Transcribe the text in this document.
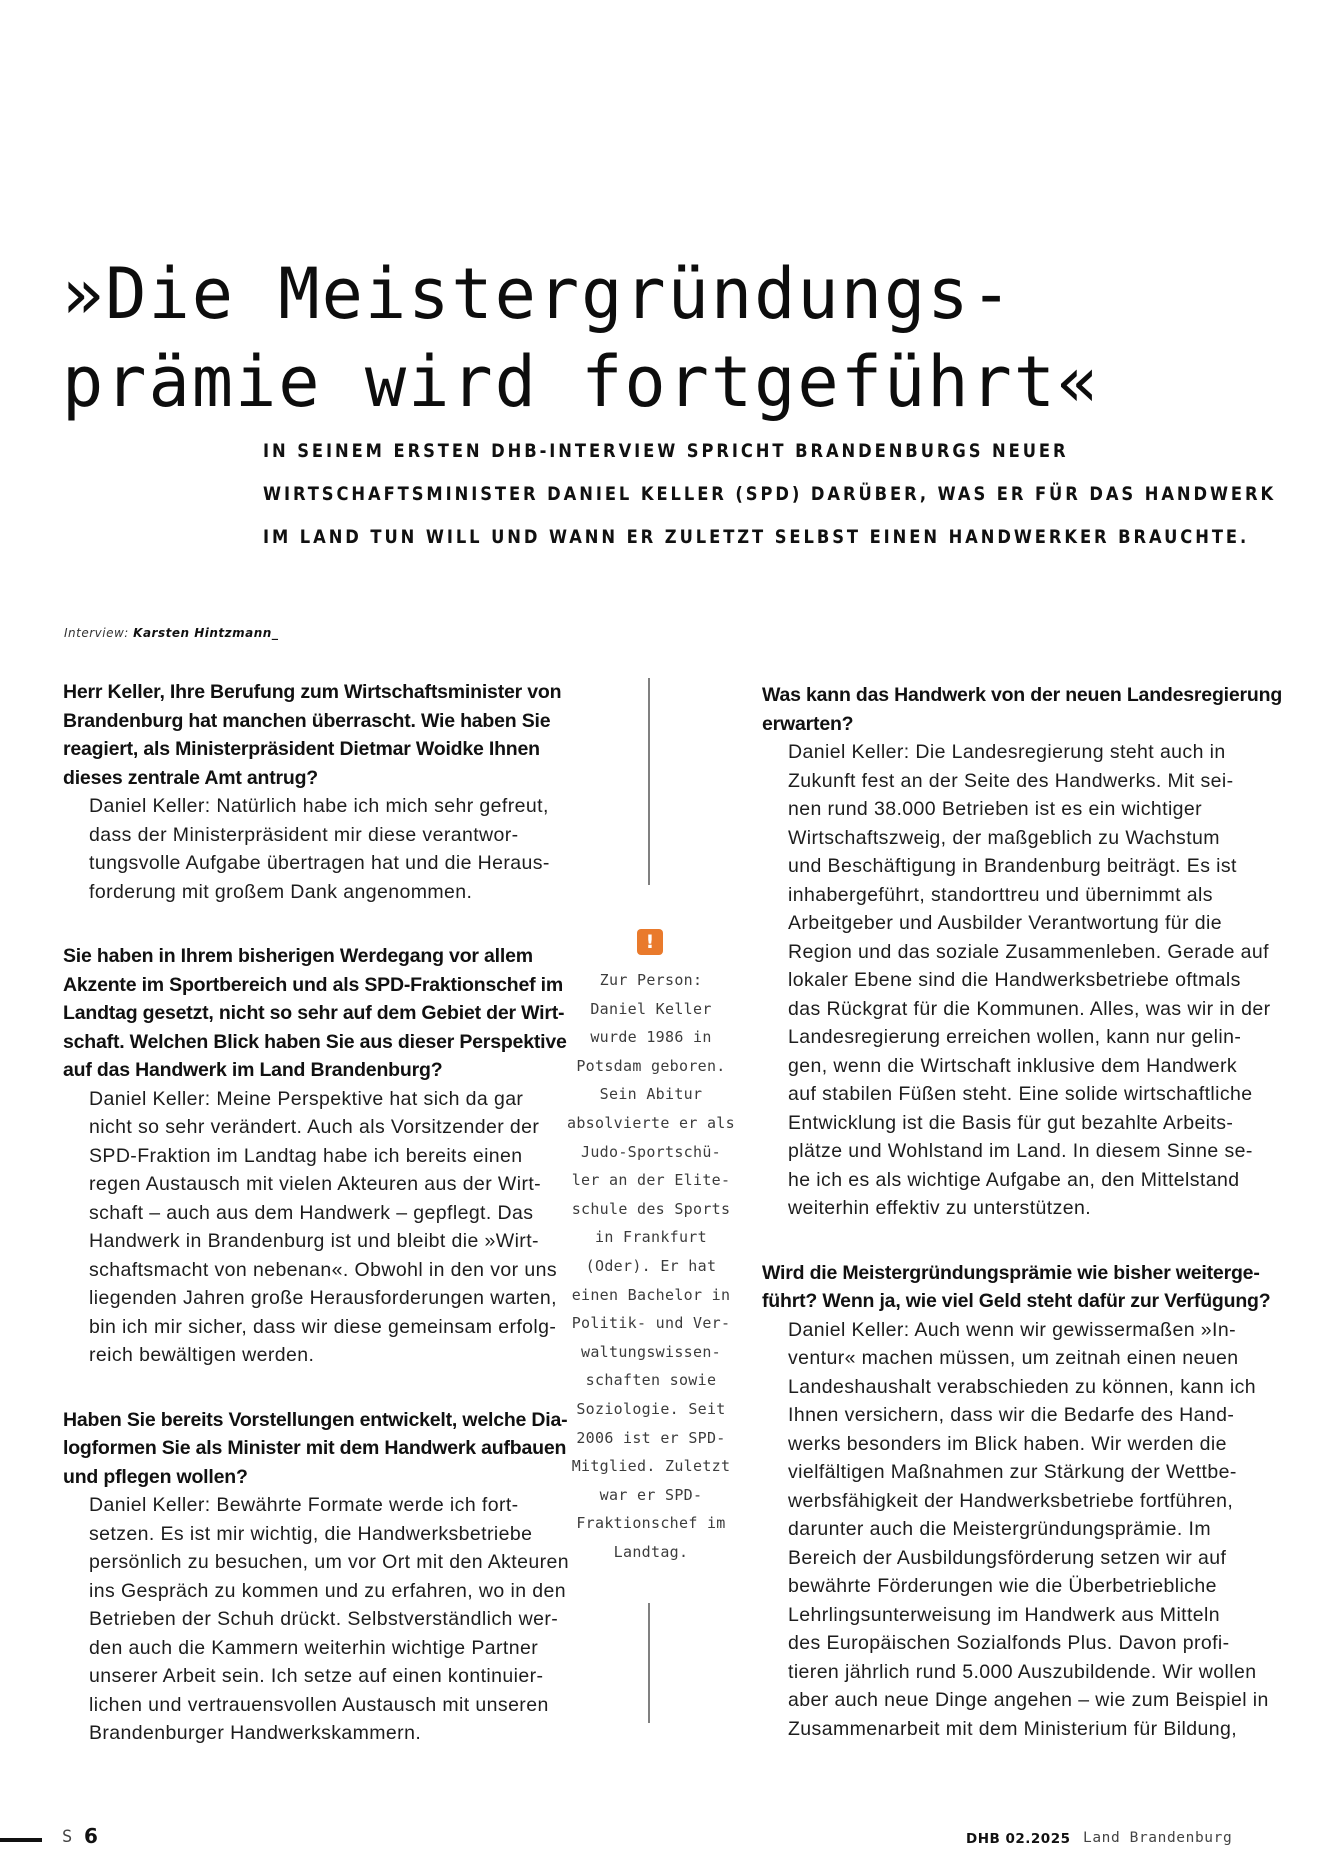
»Die Meistergründungs-
prämie wird fortgeführt«
IN SEINEM ERSTEN DHB-INTERVIEW SPRICHT BRANDENBURGS NEUER
WIRTSCHAFTSMINISTER DANIEL KELLER (SPD) DARÜBER, WAS ER FÜR DAS HANDWERK
IM LAND TUN WILL UND WANN ER ZULETZT SELBST EINEN HANDWERKER BRAUCHTE.
Interview: Karsten Hintzmann_

Herr Keller, Ihre Berufung zum Wirtschaftsminister von
Brandenburg hat manchen überrascht. Wie haben Sie
reagiert, als Ministerpräsident Dietmar Woidke Ihnen
dieses zentrale Amt antrug?

Daniel Keller: Natürlich habe ich mich sehr gefreut,
dass der Ministerpräsident mir diese verantwor-
tungsvolle Aufgabe übertragen hat und die Heraus-
forderung mit großem Dank angenommen.

Sie haben in Ihrem bisherigen Werdegang vor allem
Akzente im Sportbereich und als SPD-Fraktionschef im
Landtag gesetzt, nicht so sehr auf dem Gebiet der Wirt-
schaft. Welchen Blick haben Sie aus dieser Perspektive
auf das Handwerk im Land Brandenburg?

Daniel Keller: Meine Perspektive hat sich da gar
nicht so sehr verändert. Auch als Vorsitzender der
SPD-Fraktion im Landtag habe ich bereits einen
regen Austausch mit vielen Akteuren aus der Wirt-
schaft – auch aus dem Handwerk – gepflegt. Das
Handwerk in Brandenburg ist und bleibt die »Wirt-
schaftsmacht von nebenan«. Obwohl in den vor uns
liegenden Jahren große Herausforderungen warten,
bin ich mir sicher, dass wir diese gemeinsam erfolg-
reich bewältigen werden.

Haben Sie bereits Vorstellungen entwickelt, welche Dia-
logformen Sie als Minister mit dem Handwerk aufbauen
und pflegen wollen?

Daniel Keller: Bewährte Formate werde ich fort-
setzen. Es ist mir wichtig, die Handwerksbetriebe
persönlich zu besuchen, um vor Ort mit den Akteuren
ins Gespräch zu kommen und zu erfahren, wo in den
Betrieben der Schuh drückt. Selbstverständlich wer-
den auch die Kammern weiterhin wichtige Partner
unserer Arbeit sein. Ich setze auf einen kontinuier-
lichen und vertrauensvollen Austausch mit unseren
Brandenburger Handwerkskammern.

!
Zur Person:
Daniel Keller
wurde 1986 in
Potsdam geboren.
Sein Abitur
absolvierte er als
Judo-Sportschü-
ler an der Elite-
schule des Sports
in Frankfurt
(Oder). Er hat
einen Bachelor in
Politik- und Ver-
waltungswissen-
schaften sowie
Soziologie. Seit
2006 ist er SPD-
Mitglied. Zuletzt
war er SPD-
Fraktionschef im
Landtag.

Was kann das Handwerk von der neuen Landesregierung
erwarten?

Daniel Keller: Die Landesregierung steht auch in
Zukunft fest an der Seite des Handwerks. Mit sei-
nen rund 38.000 Betrieben ist es ein wichtiger
Wirtschaftszweig, der maßgeblich zu Wachstum
und Beschäftigung in Brandenburg beiträgt. Es ist
inhabergeführt, standorttreu und übernimmt als
Arbeitgeber und Ausbilder Verantwortung für die
Region und das soziale Zusammenleben. Gerade auf
lokaler Ebene sind die Handwerksbetriebe oftmals
das Rückgrat für die Kommunen. Alles, was wir in der
Landesregierung erreichen wollen, kann nur gelin-
gen, wenn die Wirtschaft inklusive dem Handwerk
auf stabilen Füßen steht. Eine solide wirtschaftliche
Entwicklung ist die Basis für gut bezahlte Arbeits-
plätze und Wohlstand im Land. In diesem Sinne se-
he ich es als wichtige Aufgabe an, den Mittelstand
weiterhin effektiv zu unterstützen.

Wird die Meistergründungsprämie wie bisher weiterge-
führt? Wenn ja, wie viel Geld steht dafür zur Verfügung?

Daniel Keller: Auch wenn wir gewissermaßen »In-
ventur« machen müssen, um zeitnah einen neuen
Landeshaushalt verabschieden zu können, kann ich
Ihnen versichern, dass wir die Bedarfe des Hand-
werks besonders im Blick haben. Wir werden die
vielfältigen Maßnahmen zur Stärkung der Wettbe-
werbsfähigkeit der Handwerksbetriebe fortführen,
darunter auch die Meistergründungsprämie. Im
Bereich der Ausbildungsförderung setzen wir auf
bewährte Förderungen wie die Überbetriebliche
Lehrlingsunterweisung im Handwerk aus Mitteln
des Europäischen Sozialfonds Plus. Davon profi-
tieren jährlich rund 5.000 Auszubildende. Wir wollen
aber auch neue Dinge angehen – wie zum Beispiel in
Zusammenarbeit mit dem Ministerium für Bildung,

S 6	DHB 02.2025 Land Brandenburg
